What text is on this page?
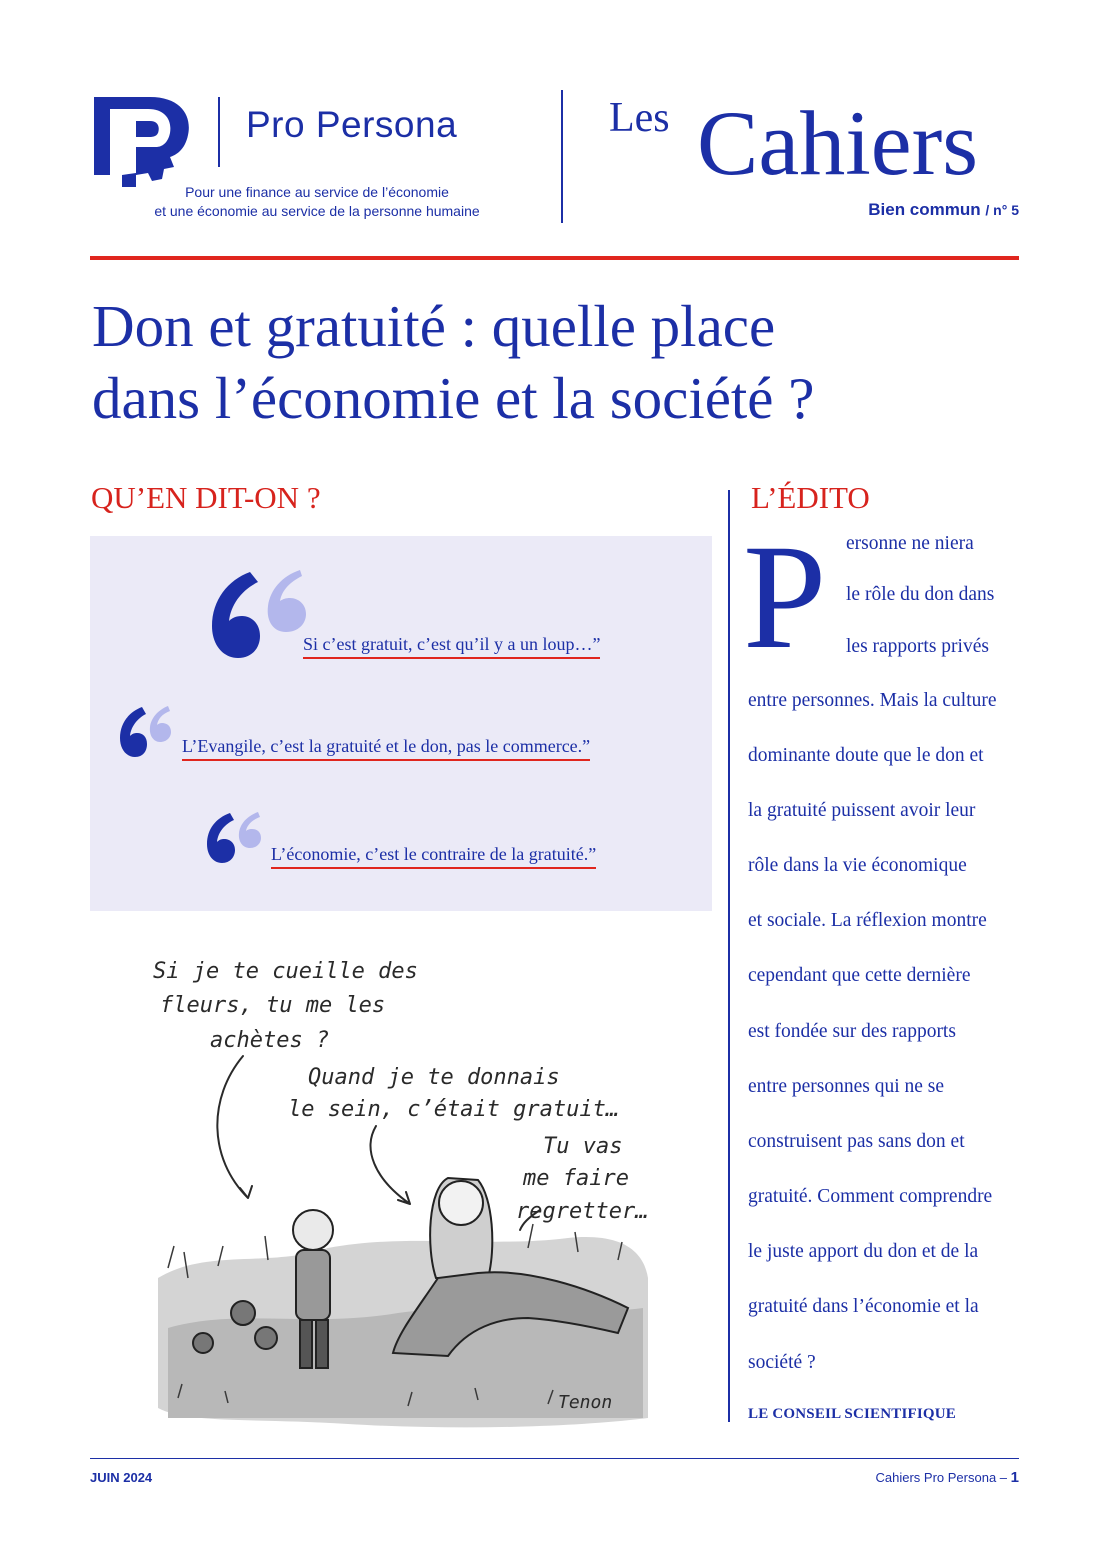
Pro Persona
Pour une finance au service de l’économie
et une économie au service de la personne humaine
Les Cahiers
Bien commun / n° 5
Don et gratuité : quelle place
dans l’économie et la société ?
QU’EN DIT-ON ?
Si c’est gratuit, c’est qu’il y a un loup…”
L’Evangile, c’est la gratuité et le don, pas le commerce.”
L’économie, c’est le contraire de la gratuité.”
Si je te cueille des
fleurs, tu me les
achètes ?
Quand je te donnais
le sein, c’était gratuit…
Tu vas
me faire
regretter…
Tenon
L’ÉDITO
P ersonne ne niera
le rôle du don dans
les rapports privés
entre personnes. Mais la culture
dominante doute que le don et
la gratuité puissent avoir leur
rôle dans la vie économique
et sociale. La réflexion montre
cependant que cette dernière
est fondée sur des rapports
entre personnes qui ne se
construisent pas sans don et
gratuité. Comment comprendre
le juste apport du don et de la
gratuité dans l’économie et la
société ?
LE CONSEIL SCIENTIFIQUE
JUIN 2024	Cahiers Pro Persona – 1
